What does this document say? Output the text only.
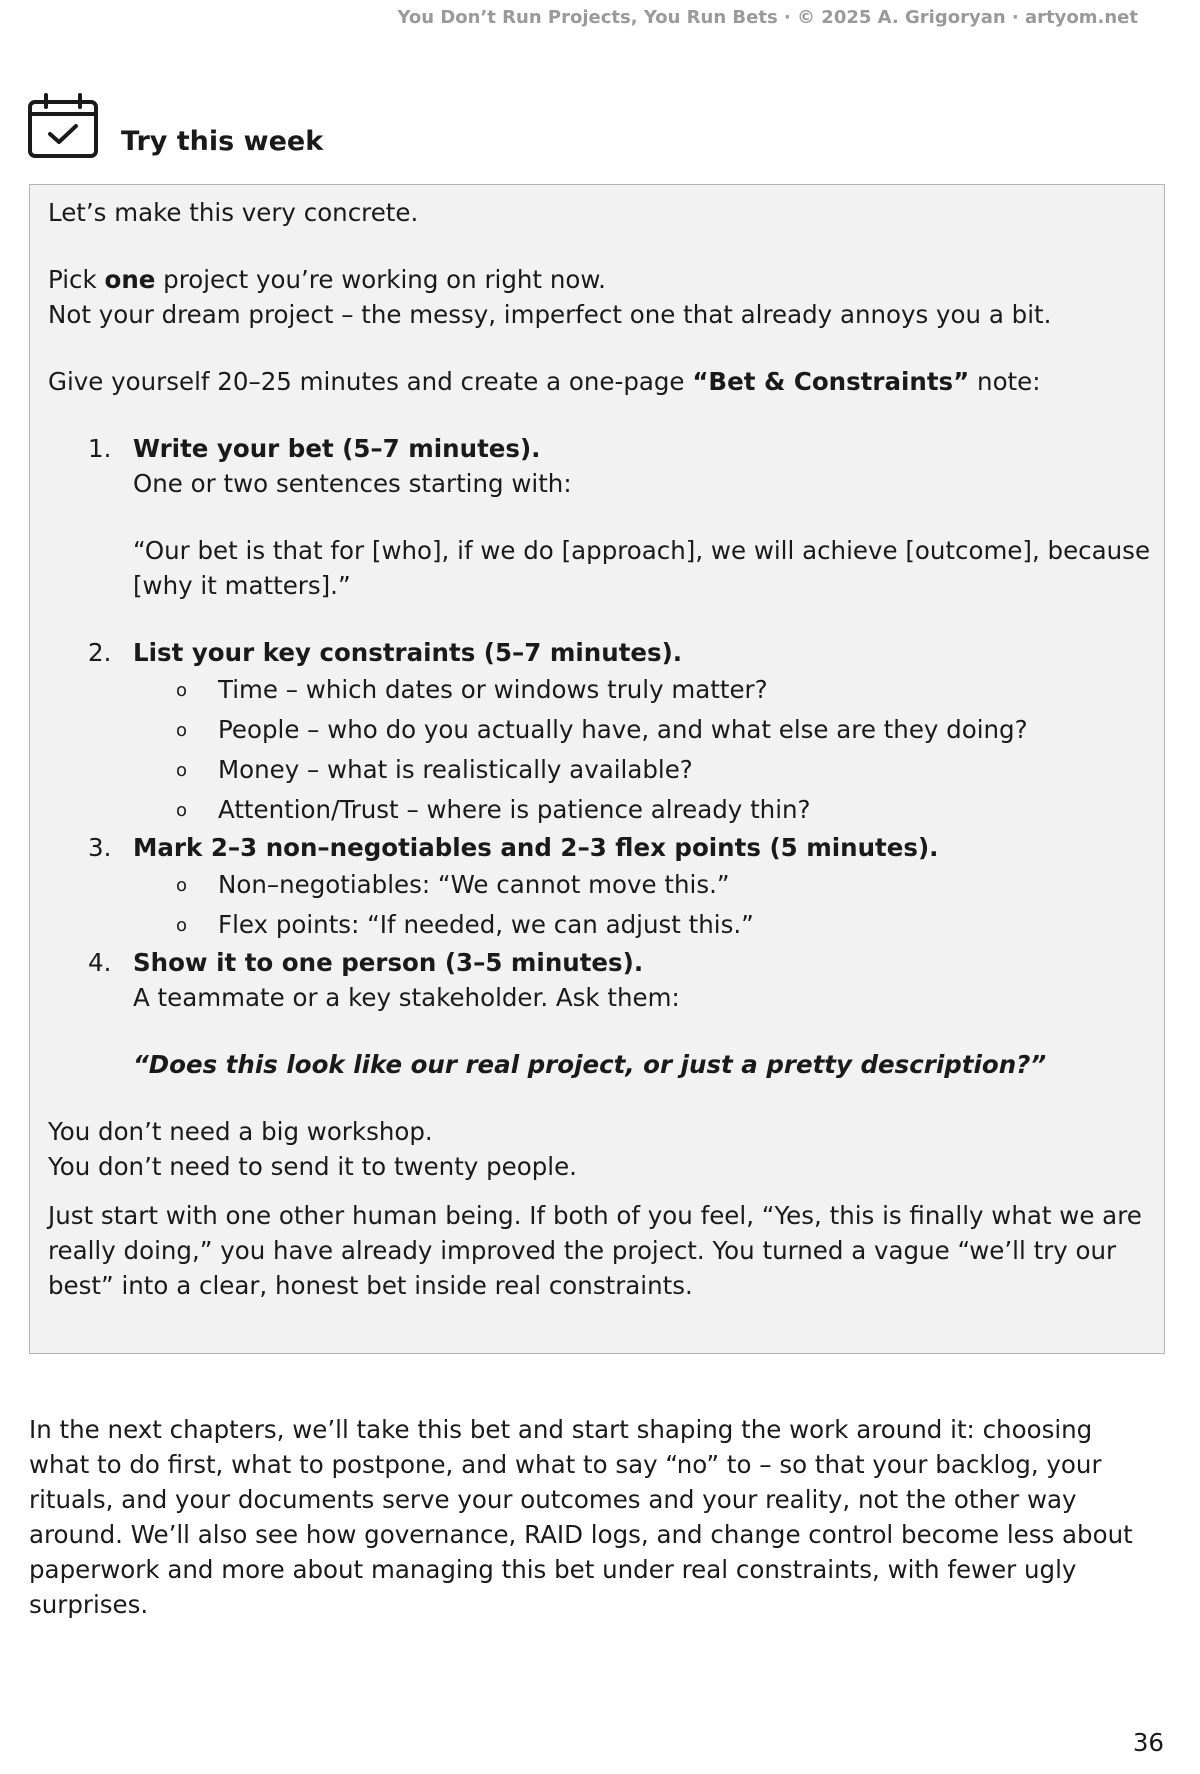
You Don’t Run Projects, You Run Bets · © 2025 A. Grigoryan · artyom.net
Try this week

Let’s make this very concrete.

Pick one project you’re working on right now.

Not your dream project – the messy, imperfect one that already annoys you a bit.

Give yourself 20–25 minutes and create a one-page “Bet & Constraints” note:

1. Write your bet (5–7 minutes).

One or two sentences starting with:

“Our bet is that for [who], if we do [approach], we will achieve [outcome], because

[why it matters].”

2. List your key constraints (5–7 minutes).

o Time – which dates or windows truly matter?
o People – who do you actually have, and what else are they doing?
o Money – what is realistically available?
o Attention/Trust – where is patience already thin?
3. Mark 2–3 non–negotiables and 2–3 flex points (5 minutes).

o Non–negotiables: “We cannot move this.”
o Flex points: “If needed, we can adjust this.”
4. Show it to one person (3–5 minutes).

A teammate or a key stakeholder. Ask them:

“Does this look like our real project, or just a pretty description?”

You don’t need a big workshop.

You don’t need to send it to twenty people.

Just start with one other human being. If both of you feel, “Yes, this is finally what we are

really doing,” you have already improved the project. You turned a vague “we’ll try our

best” into a clear, honest bet inside real constraints.

In the next chapters, we’ll take this bet and start shaping the work around it: choosing

what to do first, what to postpone, and what to say “no” to – so that your backlog, your

rituals, and your documents serve your outcomes and your reality, not the other way

around. We’ll also see how governance, RAID logs, and change control become less about

paperwork and more about managing this bet under real constraints, with fewer ugly

surprises.

36
